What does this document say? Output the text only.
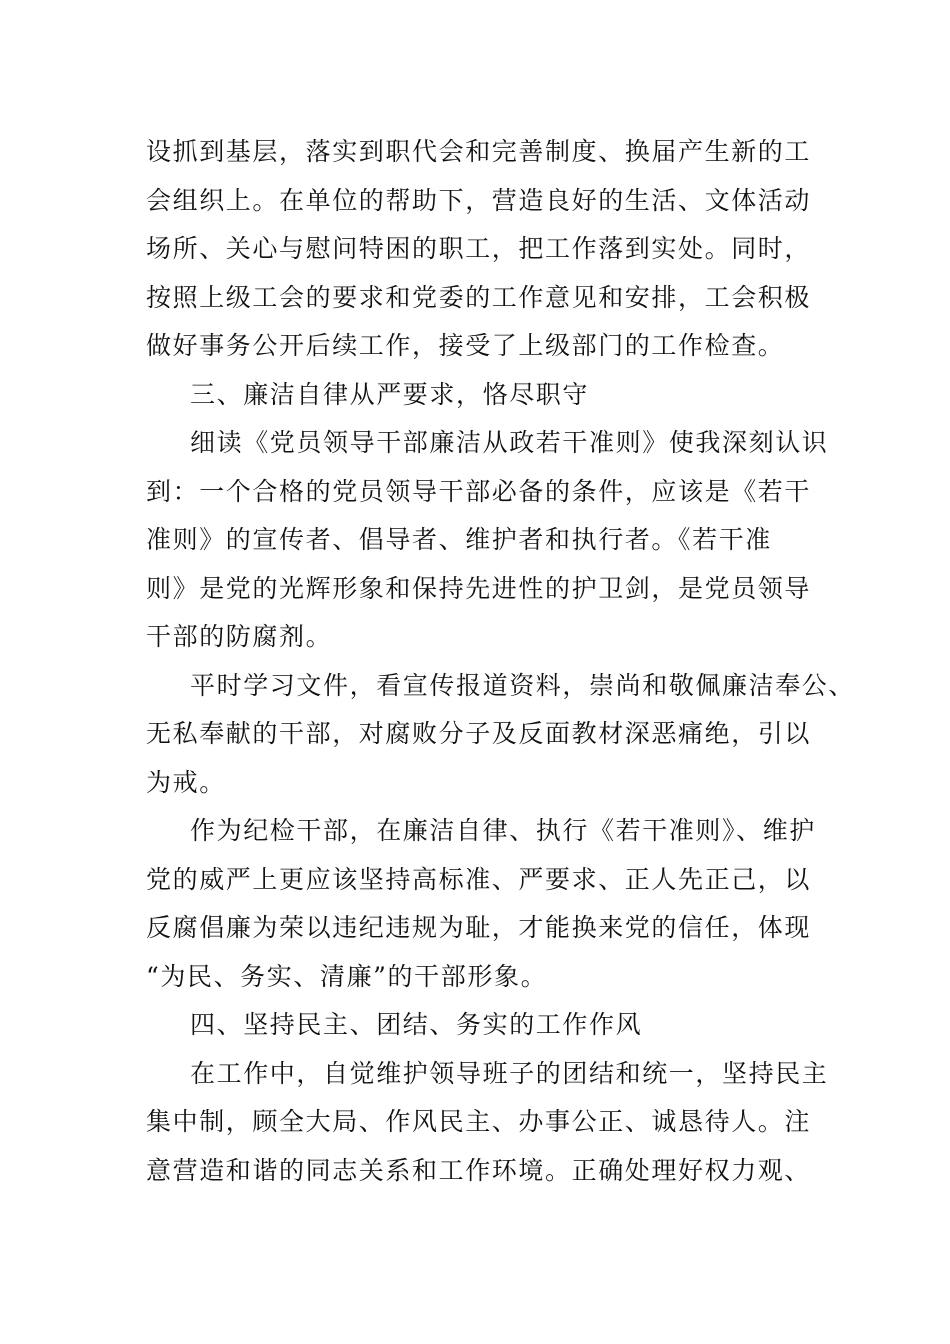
设抓到基层，落实到职代会和完善制度、换届产生新的工
会组织上。在单位的帮助下，营造良好的生活、文体活动
场所、关心与慰问特困的职工，把工作落到实处。同时，
按照上级工会的要求和党委的工作意见和安排，工会积极
做好事务公开后续工作，接受了上级部门的工作检查。
三、廉洁自律从严要求，恪尽职守
细读《党员领导干部廉洁从政若干准则》使我深刻认识
到：一个合格的党员领导干部必备的条件，应该是《若干
准则》的宣传者、倡导者、维护者和执行者。《若干准
则》是党的光辉形象和保持先进性的护卫剑，是党员领导
干部的防腐剂。
平时学习文件，看宣传报道资料，崇尚和敬佩廉洁奉公、
无私奉献的干部，对腐败分子及反面教材深恶痛绝，引以
为戒。
作为纪检干部，在廉洁自律、执行《若干准则》、维护
党的威严上更应该坚持高标准、严要求、正人先正己，以
反腐倡廉为荣以违纪违规为耻，才能换来党的信任，体现
“为民、务实、清廉”的干部形象。
四、坚持民主、团结、务实的工作作风
在工作中，自觉维护领导班子的团结和统一，坚持民主
集中制，顾全大局、作风民主、办事公正、诚恳待人。注
意营造和谐的同志关系和工作环境。正确处理好权力观、
